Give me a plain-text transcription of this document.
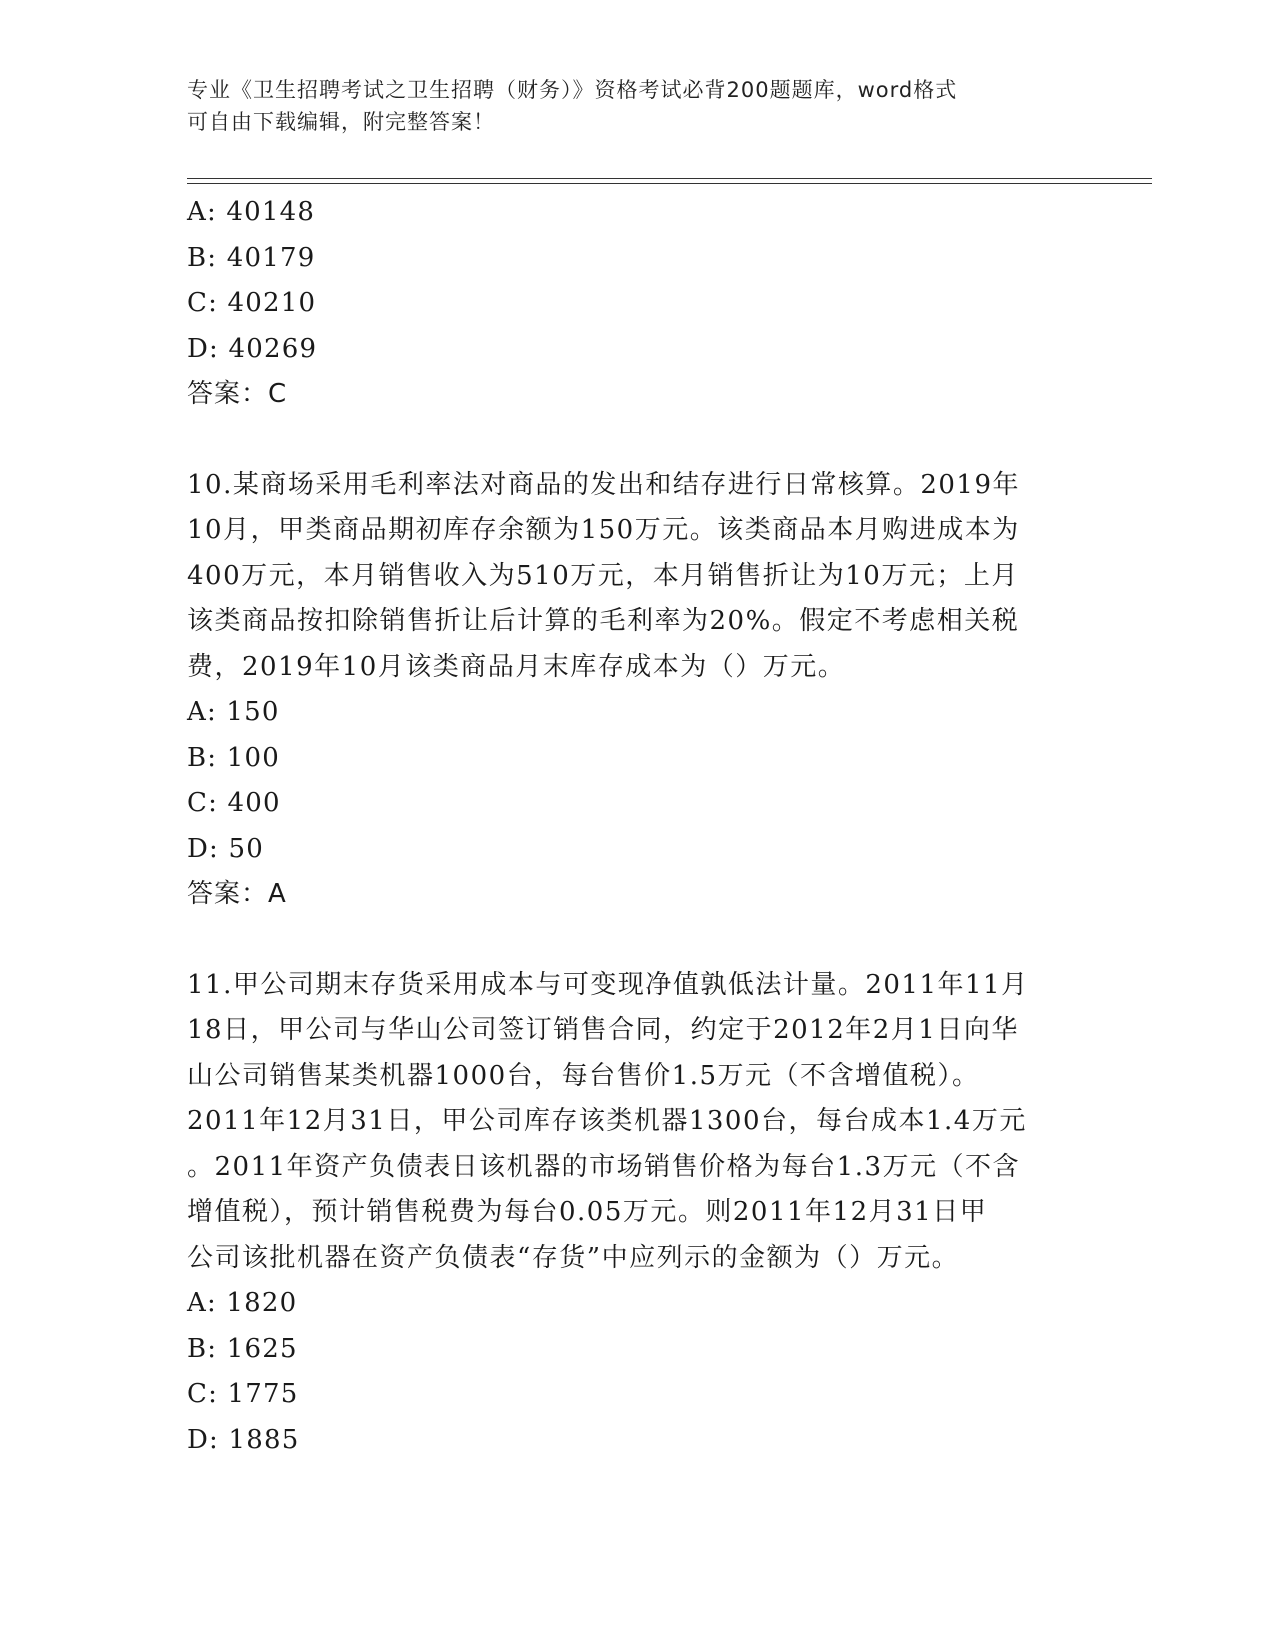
专业《卫生招聘考试之卫生招聘（财务）》资格考试必背200题题库，word格式
可自由下载编辑，附完整答案！
A: 40148
B: 40179
C: 40210
D: 40269
答案：C
10.某商场采用毛利率法对商品的发出和结存进行日常核算。2019年
10月，甲类商品期初库存余额为150万元。该类商品本月购进成本为
400万元，本月销售收入为510万元，本月销售折让为10万元；上月
该类商品按扣除销售折让后计算的毛利率为20%。假定不考虑相关税
费，2019年10月该类商品月末库存成本为（）万元。
A: 150
B: 100
C: 400
D: 50
答案：A
11.甲公司期末存货采用成本与可变现净值孰低法计量。2011年11月
18日，甲公司与华山公司签订销售合同，约定于2012年2月1日向华
山公司销售某类机器1000台，每台售价1.5万元（不含增值税）。
2011年12月31日，甲公司库存该类机器1300台，每台成本1.4万元
。2011年资产负债表日该机器的市场销售价格为每台1.3万元（不含
增值税），预计销售税费为每台0.05万元。则2011年12月31日甲
公司该批机器在资产负债表“存货”中应列示的金额为（）万元。
A: 1820
B: 1625
C: 1775
D: 1885
